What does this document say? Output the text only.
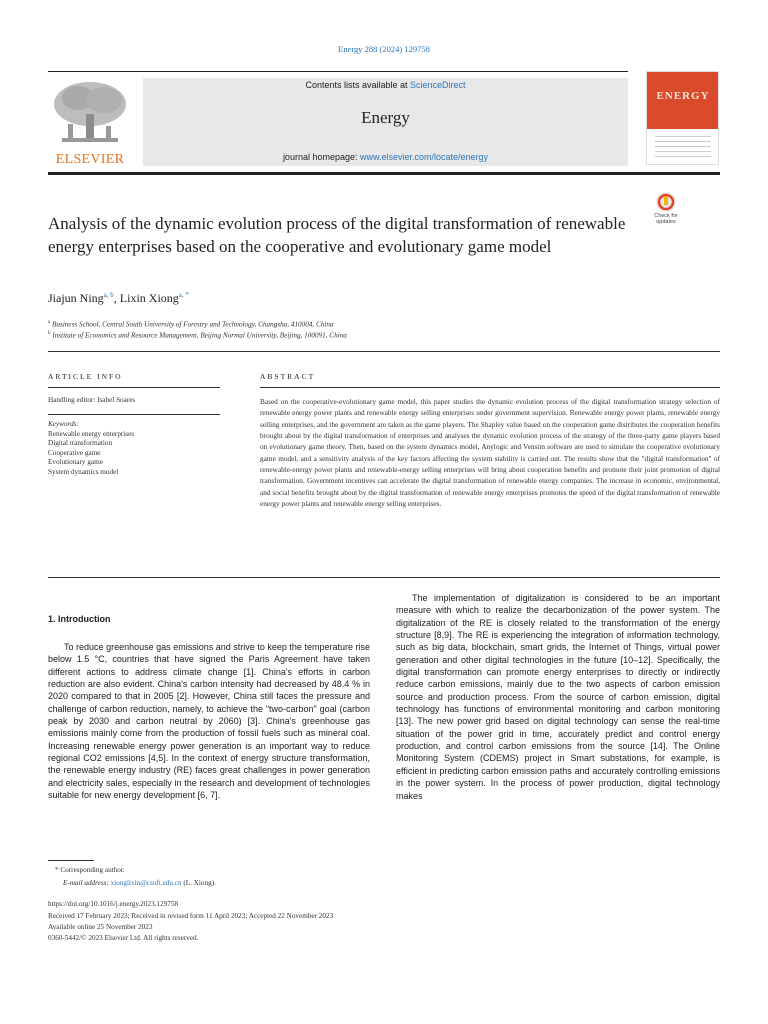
Energy 288 (2024) 129758
ELSEVIER
Contents lists available at ScienceDirect
Energy
journal homepage: www.elsevier.com/locate/energy
ENERGY
Check for updates
Analysis of the dynamic evolution process of the digital transformation of renewable energy enterprises based on the cooperative and evolutionary game model
Jiajun Ning$^{a, b}$, Lixin Xiong$^{a, *}$
$^a$ Business School, Central South University of Forestry and Technology, Changsha, 410004, China
$^b$ Institute of Economics and Resource Management, Beijing Normal University, Beijing, 100091, China
ARTICLE INFO
Handling editor: Isabel Soares
Keywords:
Renewable energy enterprises
Digital transformation
Cooperative game
Evolutionary game
System dynamics model
ABSTRACT
Based on the cooperative-evolutionary game model, this paper studies the dynamic evolution process of the digital transformation strategy selection of renewable energy power plants and renewable energy selling enterprises under government supervision. Renewable energy power plants, renewable energy selling enterprises, and the government are taken as the game players. The Shapley value based on the cooperation game distributes the cooperation benefits brought about by the digital transformation of enterprises and analyses the dynamic evolution process of the strategy of the three-party game players based on evolutionary game theory. Then, based on the system dynamics model, Anylogic and Vensim software are used to simulate the cooperative evolutionary game model, and a sensitivity analysis of the key factors affecting the system stability is carried out. The results show that the "digital transformation" of renewable-energy power plants and renewable-energy selling enterprises will bring about cooperation benefits and promote their joint promotion of digital transformation. Government incentives can accelerate the digital transformation of renewable energy companies. The increase in economic, environmental, and social benefits brought about by the digital transformation of renewable energy enterprises promotes the speed of the digital transformation of renewable energy power plants and renewable energy selling enterprises.
1. Introduction
To reduce greenhouse gas emissions and strive to keep the temperature rise below 1.5 °C, countries that have signed the Paris Agreement have taken different actions to address climate change [1]. China's efforts in carbon reduction are also evident. China's carbon intensity had decreased by 48.4 % in 2020 compared to that in 2005 [2]. However, China still faces the pressure and challenge of carbon reduction, namely, to achieve the "two-carbon" goal (carbon peak by 2030 and carbon neutral by 2060) [3]. China's greenhouse gas emissions mainly come from the production of fossil fuels such as mineral coal. Increasing renewable energy power generation is an important way to reduce regional CO2 emissions [4,5]. In the context of energy structure transformation, the renewable energy industry (RE) faces great challenges in power generation and electricity sales, especially in the research and development of technologies suitable for new energy development [6, 7].
The implementation of digitalization is considered to be an important measure with which to realize the decarbonization of the power system. The digitalization of the RE is closely related to the transformation of the energy structure [8,9]. The RE is experiencing the integration of information technology, such as big data, blockchain, smart grids, the Internet of Things, virtual power generation and other digital technologies in the future [10–12]. Specifically, the digital transformation can promote energy enterprises to directly or indirectly reduce carbon emissions, mainly due to the two aspects of carbon emission source and production process. From the source of carbon emission, digital technology has functions of environmental monitoring and carbon monitoring [13]. The new power grid based on digital technology can sense the real-time situation of the power grid in time, accurately predict and control energy production, and control carbon emissions from the source [14]. The Online Monitoring System (CDEMS) project in Smart substations, for example, is efficient in predicting carbon emission paths and accurately controlling emissions in the power system. In the process of power production, digital technology makes
* Corresponding author.
E-mail address: xionglixin@csuft.edu.cn (L. Xiong).
https://doi.org/10.1016/j.energy.2023.129758
Received 17 February 2023; Received in revised form 11 April 2023; Accepted 22 November 2023
Available online 25 November 2023
0360-5442/© 2023 Elsevier Ltd. All rights reserved.
